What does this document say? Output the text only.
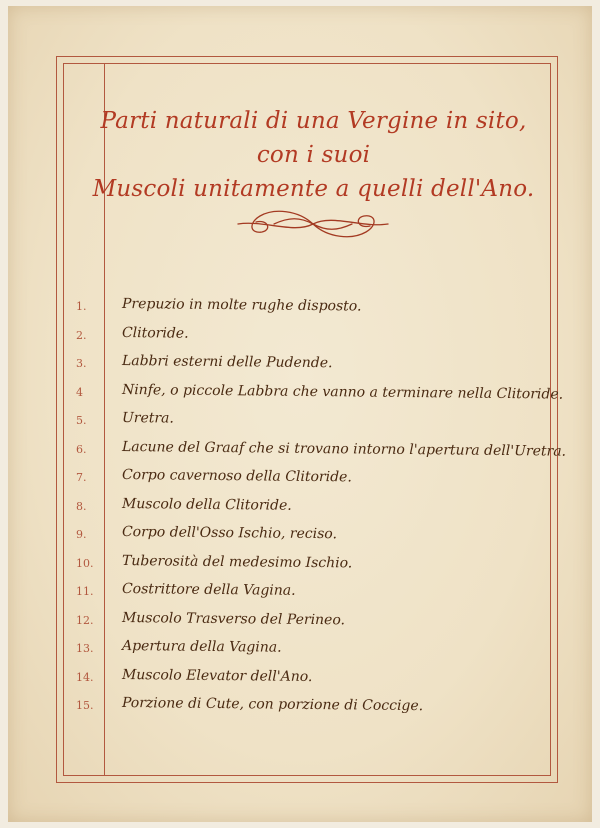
Parti naturali di una Vergine in sito, con i suoi
Muscoli unitamente a quelli dell'Ano.
1.	Prepuzio in molte rughe disposto.
2.	Clitoride.
3.	Labbri esterni delle Pudende.
4	Ninfe, o piccole Labbra che vanno a terminare nella Clitoride.
5.	Uretra.
6.	Lacune del Graaf che si trovano intorno l'apertura dell'Uretra.
7.	Corpo cavernoso della Clitoride.
8.	Muscolo della Clitoride.
9.	Corpo dell'Osso Ischio, reciso.
10.	Tuberosità del medesimo Ischio.
11.	Costrittore della Vagina.
12.	Muscolo Trasverso del Perineo.
13.	Apertura della Vagina.
14.	Muscolo Elevator dell'Ano.
15.	Porzione di Cute, con porzione di Coccige.
